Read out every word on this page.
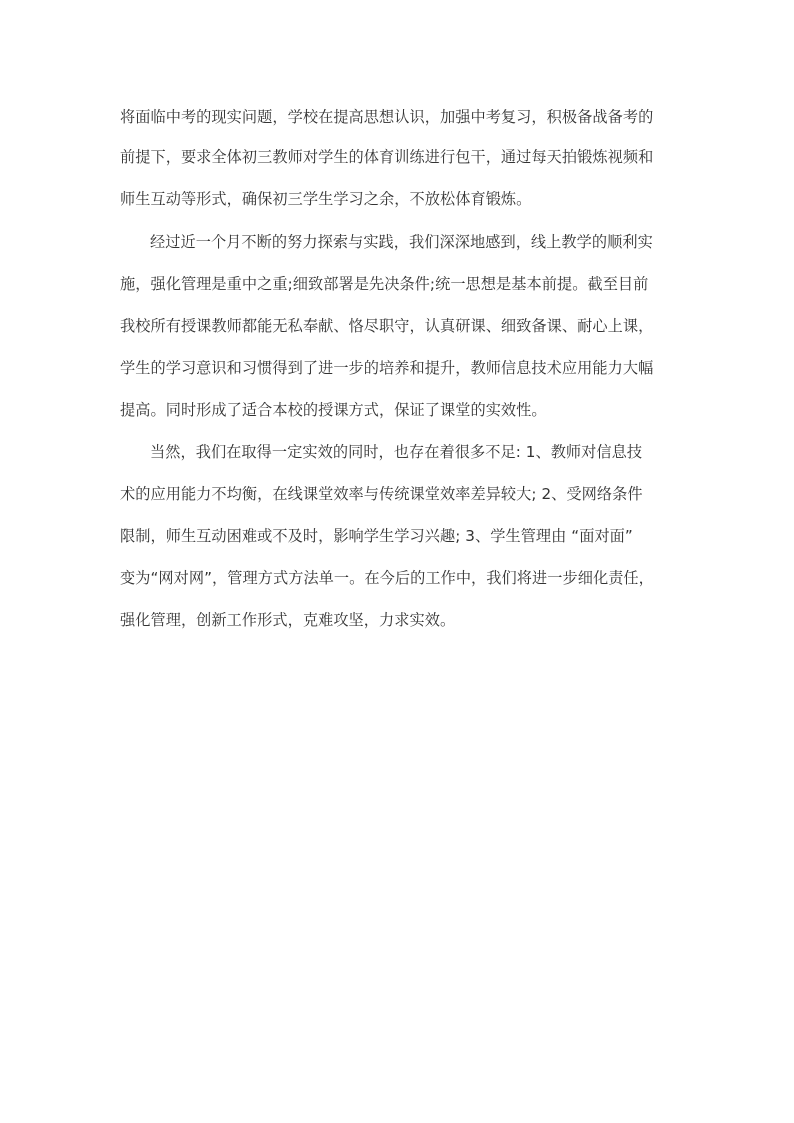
将面临中考的现实问题，学校在提高思想认识，加强中考复习，积极备战备考的
前提下，要求全体初三教师对学生的体育训练进行包干，通过每天拍锻炼视频和
师生互动等形式，确保初三学生学习之余，不放松体育锻炼。
经过近一个月不断的努力探索与实践，我们深深地感到，线上教学的顺利实
施，强化管理是重中之重;细致部署是先决条件;统一思想是基本前提。截至目前
我校所有授课教师都能无私奉献、恪尽职守，认真研课、细致备课、耐心上课，
学生的学习意识和习惯得到了进一步的培养和提升，教师信息技术应用能力大幅
提高。同时形成了适合本校的授课方式，保证了课堂的实效性。
当然，我们在取得一定实效的同时，也存在着很多不足: 1、教师对信息技
术的应用能力不均衡，在线课堂效率与传统课堂效率差异较大; 2、受网络条件
限制，师生互动困难或不及时，影响学生学习兴趣; 3、学生管理由 “面对面”
变为“网对网”，管理方式方法单一。在今后的工作中，我们将进一步细化责任，
强化管理，创新工作形式，克难攻坚，力求实效。
